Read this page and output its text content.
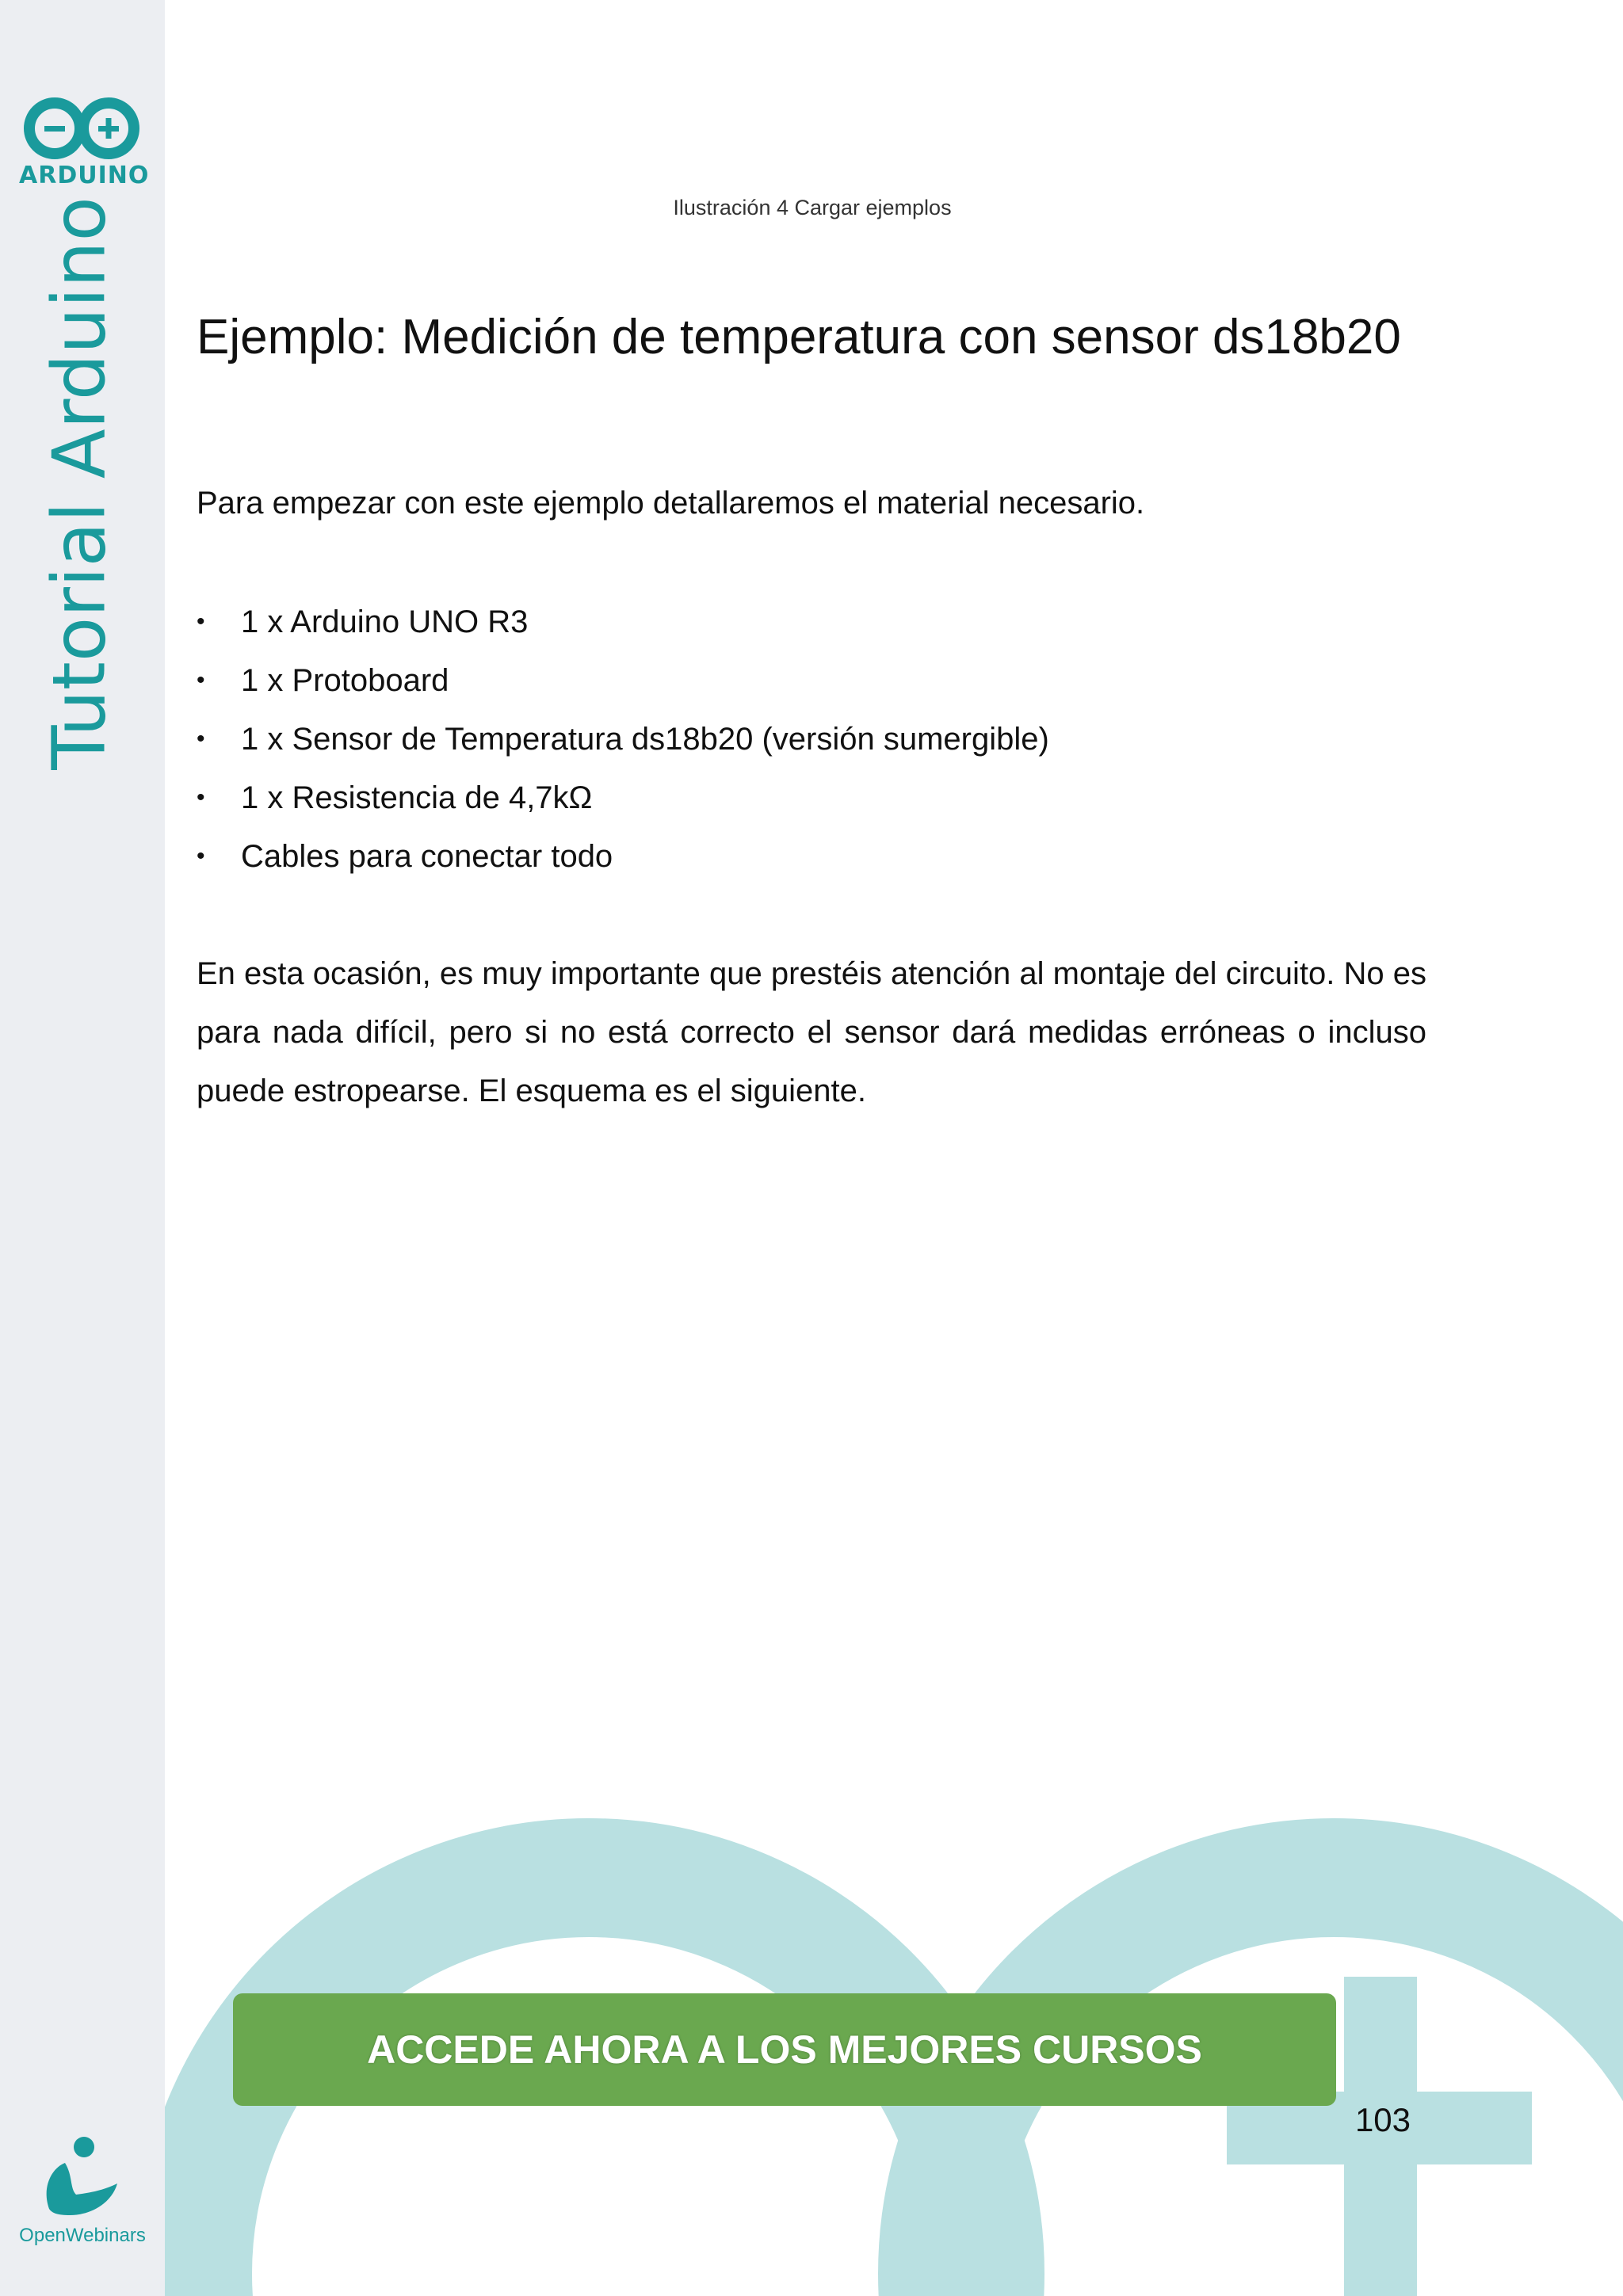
ARDUINO
Tutorial Arduino
OpenWebinars
Ilustración 4 Cargar ejemplos
Ejemplo: Medición de temperatura con sensor ds18b20

Para empezar con este ejemplo detallaremos el material necesario.

• 1 x Arduino UNO R3
• 1 x Protoboard
• 1 x Sensor de Temperatura ds18b20 (versión sumergible)
• 1 x Resistencia de 4,7kΩ
• Cables para conectar todo

En esta ocasión, es muy importante que prestéis atención al montaje del circuito. No es para nada difícil, pero si no está correcto el sensor dará medidas erróneas o incluso puede estropearse. El esquema es el siguiente.

ACCEDE AHORA A LOS MEJORES CURSOS
103
